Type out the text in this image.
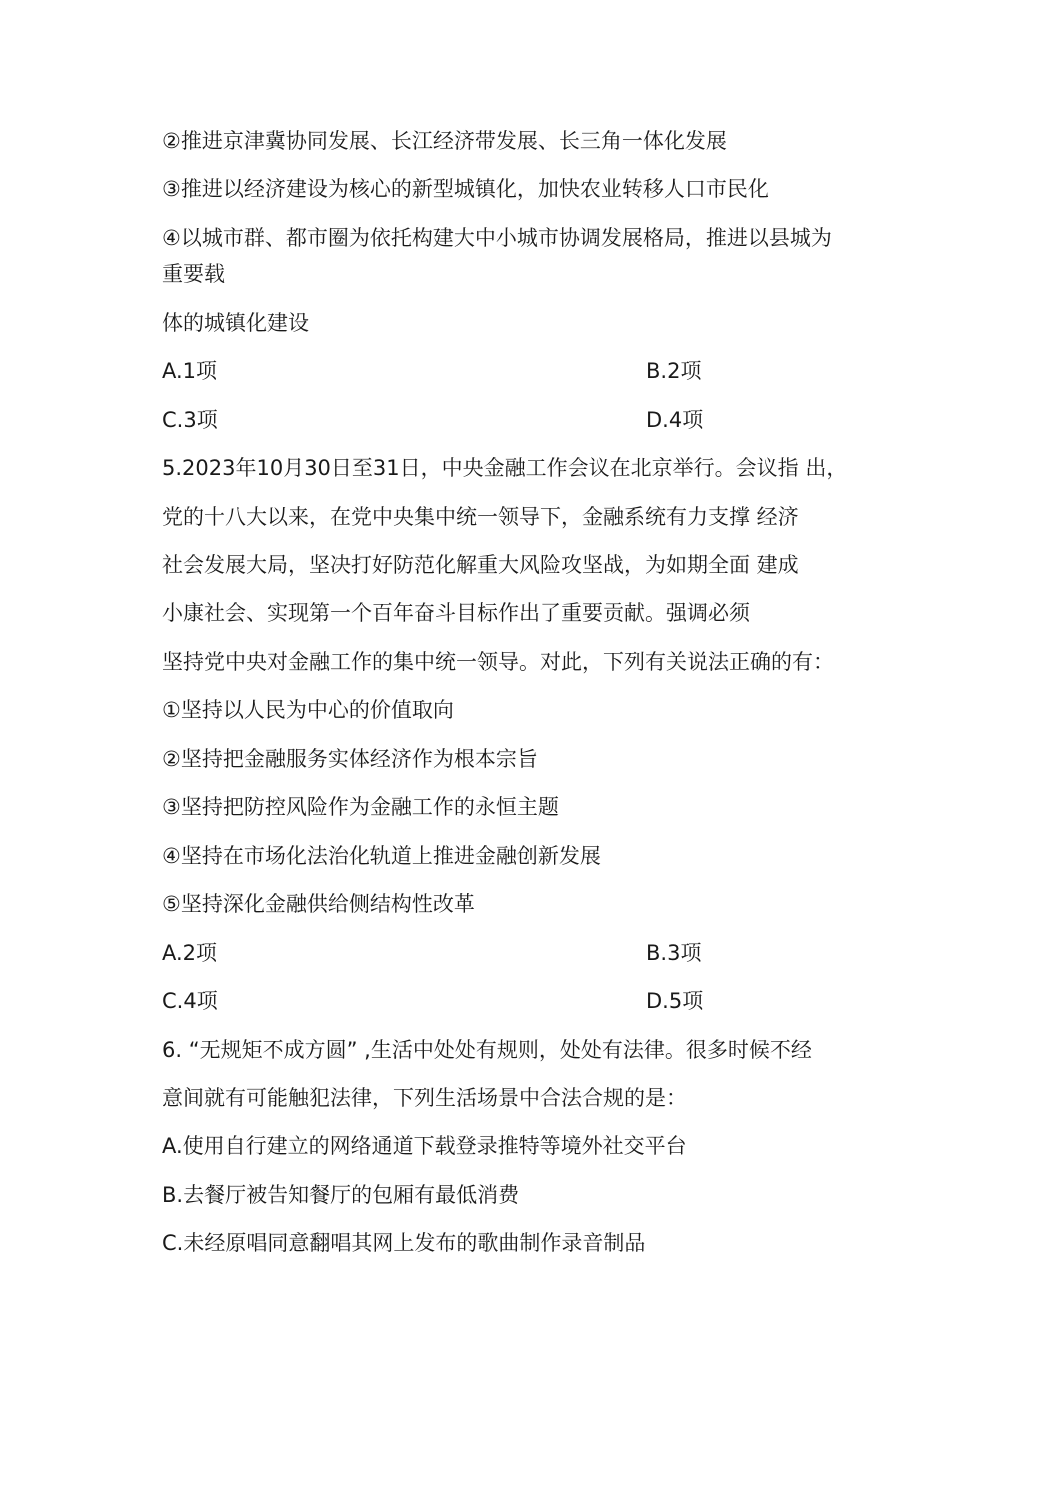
②推进京津冀协同发展、长江经济带发展、长三角一体化发展
③推进以经济建设为核心的新型城镇化，加快农业转移人口市民化
④以城市群、都市圈为依托构建大中小城市协调发展格局，推进以县城为
重要载
体的城镇化建设
A.1项	B.2项
C.3项	D.4项
5.2023年10月30日至31日，中央金融工作会议在北京举行。会议指 出，
党的十八大以来，在党中央集中统一领导下，金融系统有力支撑 经济
社会发展大局，坚决打好防范化解重大风险攻坚战，为如期全面 建成
小康社会、实现第一个百年奋斗目标作出了重要贡献。强调必须
坚持党中央对金融工作的集中统一领导。对此，下列有关说法正确的有：
①坚持以人民为中心的价值取向
②坚持把金融服务实体经济作为根本宗旨
③坚持把防控风险作为金融工作的永恒主题
④坚持在市场化法治化轨道上推进金融创新发展
⑤坚持深化金融供给侧结构性改革
A.2项	B.3项
C.4项	D.5项
6. “无规矩不成方圆” ,生活中处处有规则，处处有法律。很多时候不经
意间就有可能触犯法律，下列生活场景中合法合规的是：
A.使用自行建立的网络通道下载登录推特等境外社交平台
B.去餐厅被告知餐厅的包厢有最低消费
C.未经原唱同意翻唱其网上发布的歌曲制作录音制品
